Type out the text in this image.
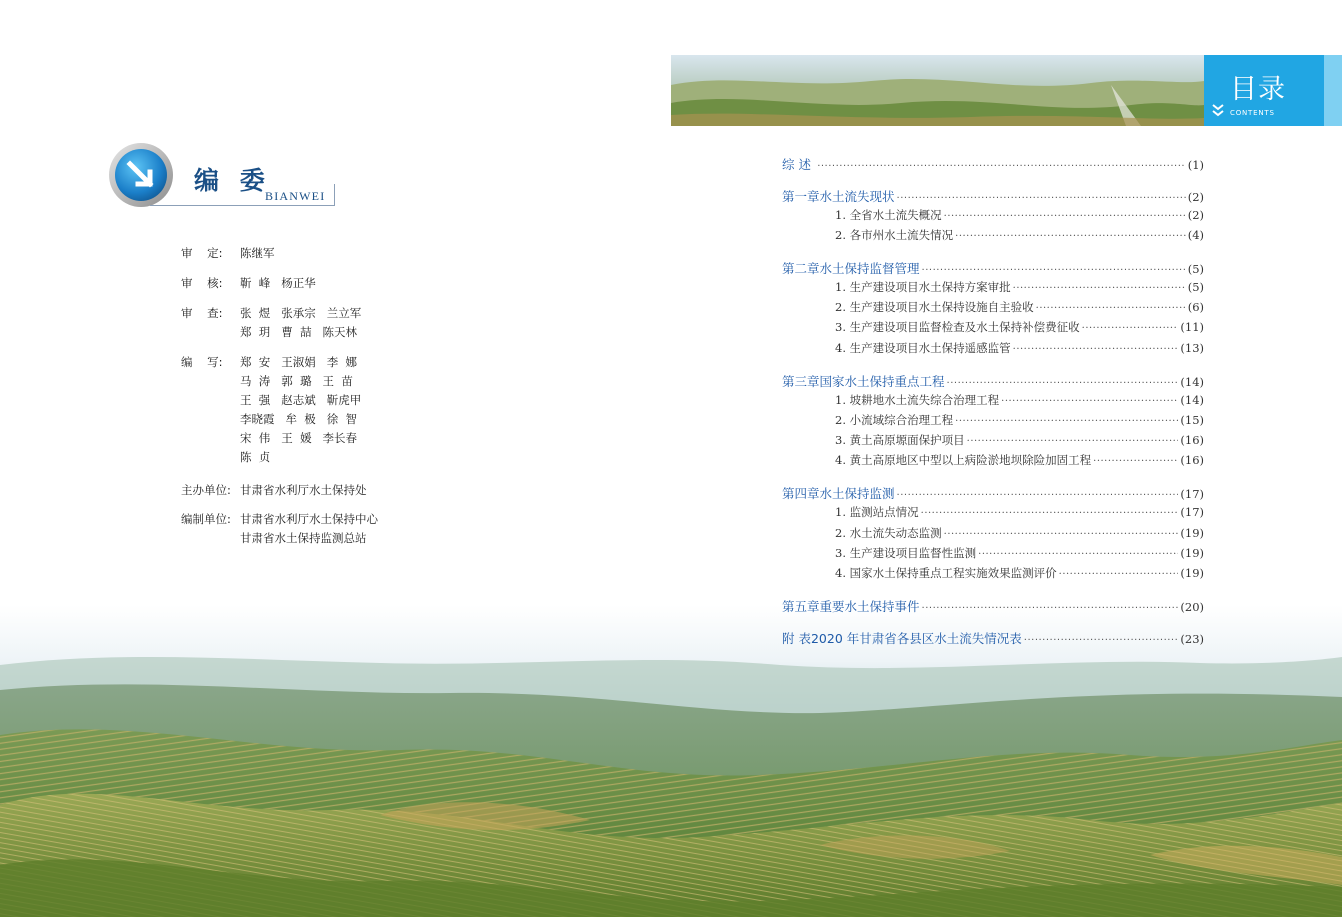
目录
CONTENTS
编 委
BIANWEI
审    定:	陈继军
审    核:	靳  峰   杨正华
审    查:	张  煜   张承宗   兰立军
郑  玥   曹  喆   陈天林
编    写:	郑  安   王淑娟   李  娜
马  涛   郭  璐   王  苗
王  强   赵志斌   靳虎甲
李晓霞   牟  极   徐  智
宋  伟   王  媛   李长春
陈  贞
主办单位: 甘肃省水利厅水土保持处
编制单位: 甘肃省水利厅水土保持中心
甘肃省水土保持监测总站
综 述 ·····	(1)
第一章 水土流失现状 ·····	(2)
1. 全省水土流失概况 ·····	(2)
2. 各市州水土流失情况 ·····	(4)
第二章 水土保持监督管理 ·····	(5)
1. 生产建设项目水土保持方案审批 ·····	(5)
2. 生产建设项目水土保持设施自主验收 ·····	(6)
3. 生产建设项目监督检查及水土保持补偿费征收 ·····	(11)
4. 生产建设项目水土保持遥感监管 ·····	(13)
第三章 国家水土保持重点工程 ·····	(14)
1. 坡耕地水土流失综合治理工程 ·····	(14)
2. 小流域综合治理工程 ·····	(15)
3. 黄土高原塬面保护项目 ·····	(16)
4. 黄土高原地区中型以上病险淤地坝除险加固工程 ·····	(16)
第四章 水土保持监测 ·····	(17)
1. 监测站点情况 ·····	(17)
2. 水土流失动态监测 ·····	(19)
3. 生产建设项目监督性监测 ·····	(19)
4. 国家水土保持重点工程实施效果监测评价 ·····	(19)
第五章 重要水土保持事件 ·····	(20)
附 表 2020 年甘肃省各县区水土流失情况表 ·····	(23)
